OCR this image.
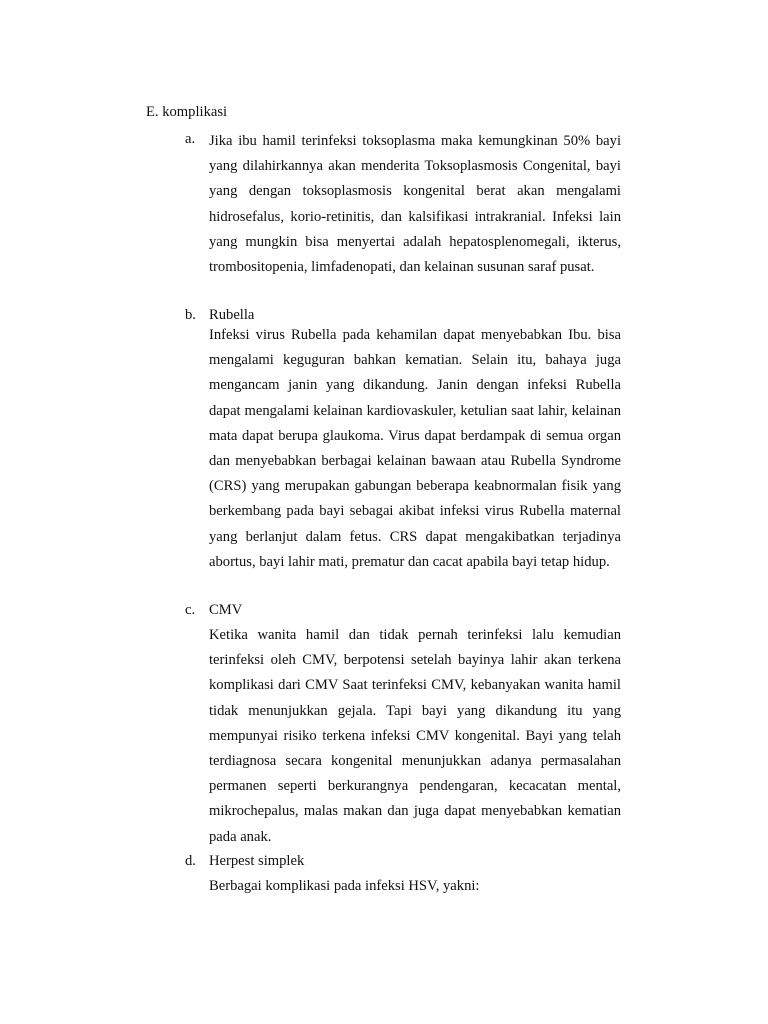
E. komplikasi
a. Jika ibu hamil terinfeksi toksoplasma maka kemungkinan 50% bayi yang dilahirkannya akan menderita Toksoplasmosis Congenital, bayi yang dengan toksoplasmosis kongenital berat akan mengalami hidrosefalus, korio-retinitis, dan kalsifikasi intrakranial. Infeksi lain yang mungkin bisa menyertai adalah hepatosplenomegali, ikterus, trombositopenia, limfadenopati, dan kelainan susunan saraf pusat.

b. Rubella

Infeksi virus Rubella pada kehamilan dapat menyebabkan Ibu. bisa mengalami keguguran bahkan kematian. Selain itu, bahaya juga mengancam janin yang dikandung. Janin dengan infeksi Rubella dapat mengalami kelainan kardiovaskuler, ketulian saat lahir, kelainan mata dapat berupa glaukoma. Virus dapat berdampak di semua organ dan menyebabkan berbagai kelainan bawaan atau Rubella Syndrome (CRS) yang merupakan gabungan beberapa keabnormalan fisik yang berkembang pada bayi sebagai akibat infeksi virus Rubella maternal yang berlanjut dalam fetus. CRS dapat mengakibatkan terjadinya abortus, bayi lahir mati, prematur dan cacat apabila bayi tetap hidup.

c. CMV

Ketika wanita hamil dan tidak pernah terinfeksi lalu kemudian terinfeksi oleh CMV, berpotensi setelah bayinya lahir akan terkena komplikasi dari CMV Saat terinfeksi CMV, kebanyakan wanita hamil tidak menunjukkan gejala. Tapi bayi yang dikandung itu yang mempunyai risiko terkena infeksi CMV kongenital. Bayi yang telah terdiagnosa secara kongenital menunjukkan adanya permasalahan permanen seperti berkurangnya pendengaran, kecacatan mental, mikrochepalus, malas makan dan juga dapat menyebabkan kematian pada anak.

d. Herpest simplek

Berbagai komplikasi pada infeksi HSV, yakni:
